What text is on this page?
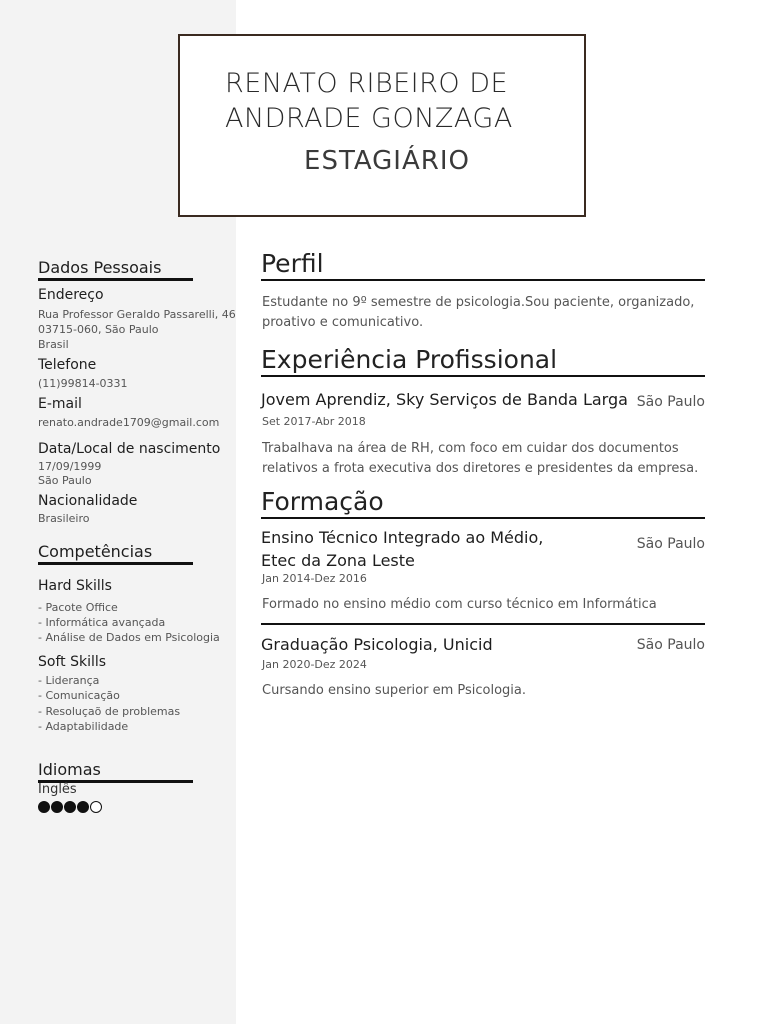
RENATO RIBEIRO DE
ANDRADE GONZAGA
ESTAGIÁRIO
Dados Pessoais
Endereço
Rua Professor Geraldo Passarelli, 46
03715-060, São Paulo
Brasil
Telefone
(11)99814-0331
E-mail
renato.andrade1709@gmail.com
Data/Local de nascimento
17/09/1999
São Paulo
Nacionalidade
Brasileiro
Competências
Hard Skills
- Pacote Office
- Informática avançada
- Análise de Dados em Psicologia
Soft Skills
- Liderança
- Comunicação
- Resoluçaõ de problemas
- Adaptabilidade
Idiomas
Inglês
Perfil
Estudante no 9º semestre de psicologia.Sou paciente, organizado,
proativo e comunicativo.
Experiência Profissional
Jovem Aprendiz, Sky Serviços de Banda Larga São Paulo
Set 2017-Abr 2018
Trabalhava na área de RH, com foco em cuidar dos documentos
relativos a frota executiva dos diretores e presidentes da empresa.
Formação
Ensino Técnico Integrado ao Médio,
Etec da Zona Leste
São Paulo
Jan 2014-Dez 2016
Formado no ensino médio com curso técnico em Informática
Graduação Psicologia, Unicid	São Paulo
Jan 2020-Dez 2024
Cursando ensino superior em Psicologia.
